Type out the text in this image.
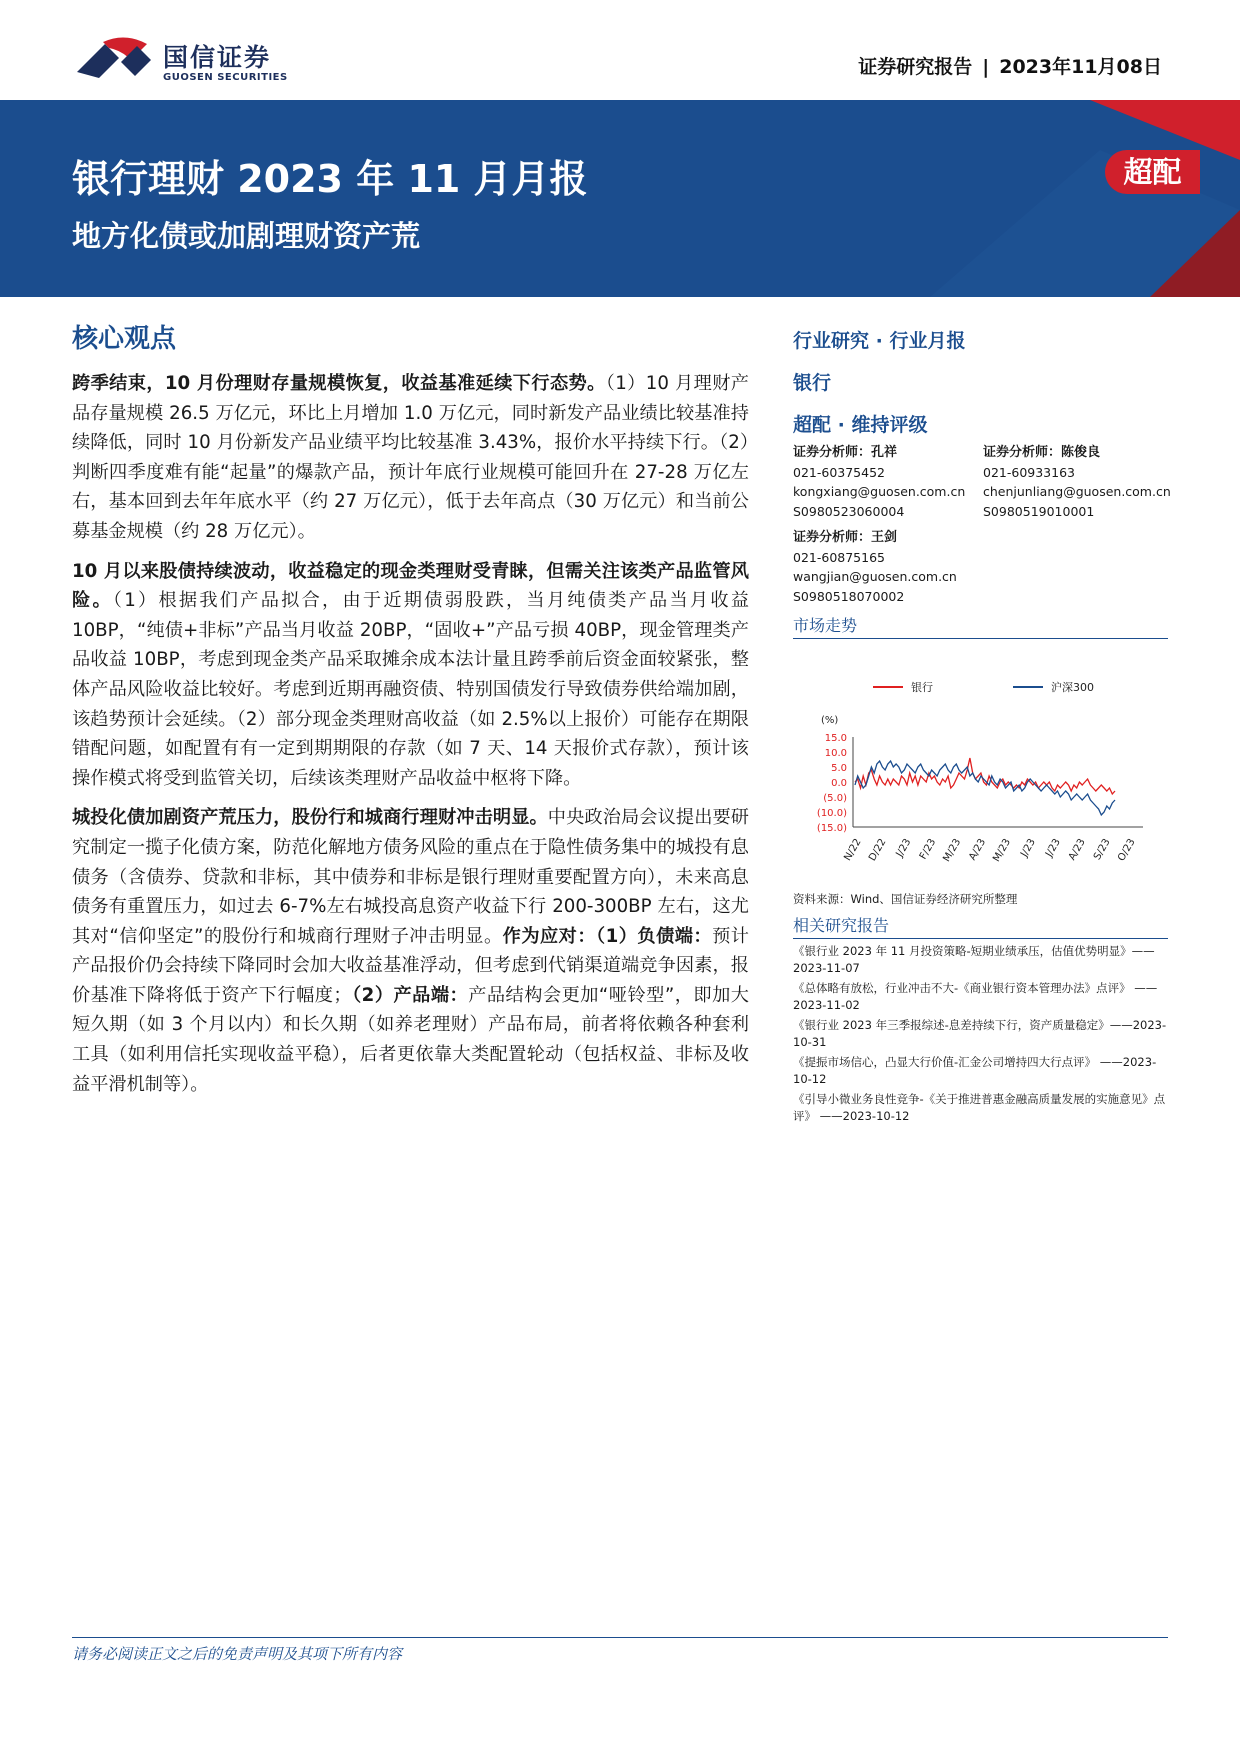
国信证券
GUOSEN SECURITIES	证券研究报告 | 2023年11月08日
银行理财 2023 年 11 月月报
地方化债或加剧理财资产荒
超配
核心观点

跨季结束，10 月份理财存量规模恢复，收益基准延续下行态势。（1）10 月理财产品存量规模 26.5 万亿元，环比上月增加 1.0 万亿元，同时新发产品业绩比较基准持续降低，同时 10 月份新发产品业绩平均比较基准 3.43%，报价水平持续下行。（2）判断四季度难有能“起量”的爆款产品，预计年底行业规模可能回升在 27-28 万亿左右，基本回到去年年底水平（约 27 万亿元），低于去年高点（30 万亿元）和当前公募基金规模（约 28 万亿元）。

10 月以来股债持续波动，收益稳定的现金类理财受青睐，但需关注该类产品监管风险。（1）根据我们产品拟合，由于近期债弱股跌，当月纯债类产品当月收益 10BP，“纯债+非标”产品当月收益 20BP，“固收+”产品亏损 40BP，现金管理类产品收益 10BP，考虑到现金类产品采取摊余成本法计量且跨季前后资金面较紧张，整体产品风险收益比较好。考虑到近期再融资债、特别国债发行导致债券供给端加剧，该趋势预计会延续。（2）部分现金类理财高收益（如 2.5%以上报价）可能存在期限错配问题，如配置有有一定到期期限的存款（如 7 天、14 天报价式存款），预计该操作模式将受到监管关切，后续该类理财产品收益中枢将下降。

城投化债加剧资产荒压力，股份行和城商行理财冲击明显。中央政治局会议提出要研究制定一揽子化债方案，防范化解地方债务风险的重点在于隐性债务集中的城投有息债务（含债券、贷款和非标，其中债券和非标是银行理财重要配置方向），未来高息债务有重置压力，如过去 6-7%左右城投高息资产收益下行 200-300BP 左右，这尤其对“信仰坚定”的股份行和城商行理财子冲击明显。作为应对：（1）负债端：预计产品报价仍会持续下降同时会加大收益基准浮动，但考虑到代销渠道端竞争因素，报价基准下降将低于资产下行幅度；（2）产品端：产品结构会更加“哑铃型”，即加大短久期（如 3 个月以内）和长久期（如养老理财）产品布局，前者将依赖各种套利工具（如利用信托实现收益平稳），后者更依靠大类配置轮动（包括权益、非标及收益平滑机制等）。

行业研究 · 行业月报
银行
超配 · 维持评级
证券分析师：孔祥
021-60375452
kongxiang@guosen.com.cn
S0980523060004
证券分析师：陈俊良
021-60933163
chenjunliang@guosen.com.cn
S0980519010001
证券分析师：王剑
021-60875165
wangjian@guosen.com.cn
S0980518070002
市场走势
银行	沪深300
(%)
15.0
10.0
5.0
0.0
(5.0)
(10.0)
(15.0)
N/22 D/22 J/23 F/23 M/23 A/23 M/23 J/23 J/23 A/23 S/23 O/23
资料来源：Wind、国信证券经济研究所整理
相关研究报告
《银行业 2023 年 11 月投资策略-短期业绩承压，估值优势明显》——2023-11-07
《总体略有放松，行业冲击不大-《商业银行资本管理办法》点评》 ——2023-11-02
《银行业 2023 年三季报综述-息差持续下行，资产质量稳定》——2023-10-31
《提振市场信心，凸显大行价值-汇金公司增持四大行点评》 ——2023-10-12
《引导小微业务良性竞争-《关于推进普惠金融高质量发展的实施意见》点评》 ——2023-10-12
请务必阅读正文之后的免责声明及其项下所有内容
